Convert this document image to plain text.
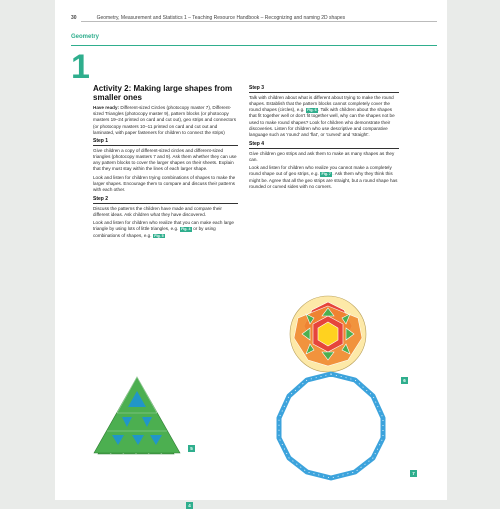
30	Geometry, Measurement and Statistics 1 – Teaching Resource Handbook – Recognizing and naming 2D shapes
Geometry
1
Activity 2: Making large shapes from smaller ones

Have ready: Different-sized Circles (photocopy master 7), Different-sized Triangles (photocopy master 9), pattern blocks (or photocopy masters 19–24 printed on card and cut out), geo strips and connectors (or photocopy masters 10–11 printed on card and cut out and laminated, with paper fasteners for children to connect the strips)

Step 1

Give children a copy of different-sized circles and different-sized triangles (photocopy masters 7 and 9). Ask them whether they can use any pattern blocks to cover the larger shapes on their sheets. Explain that they must stay within the lines of each larger shape.

Look and listen for children trying combinations of shapes to make the larger shapes. Encourage them to compare and discuss their patterns with each other.

Step 2

Discuss the patterns the children have made and compare their different ideas. Ask children what they have discovered.

Look and listen for children who realize that you can make each large triangle by using lots of little triangles, e.g. Fig. 4 or by using combinations of shapes, e.g. Fig. 5

Step 3

Talk with children about what is different about trying to make the round shapes. Establish that the pattern blocks cannot completely cover the round shapes (circles), e.g. Fig. 6 . Talk with children about the shapes that fit together well or don't fit together well, why can the shapes not be used to make round shapes? Look for children who demonstrate their discoveries. Listen for children who use descriptive and comparative language such as 'round' and 'flat', or 'curved' and 'straight'.

Step 4

Give children geo strips and ask them to make as many shapes as they can.

Look and listen for children who realize you cannot make a completely round shape out of geo strips, e.g. Fig. 7 . Ask them why they think this might be. Agree that all the geo strips are straight, but a round shape has rounded or curved sides with no corners.

4
5
6
7
